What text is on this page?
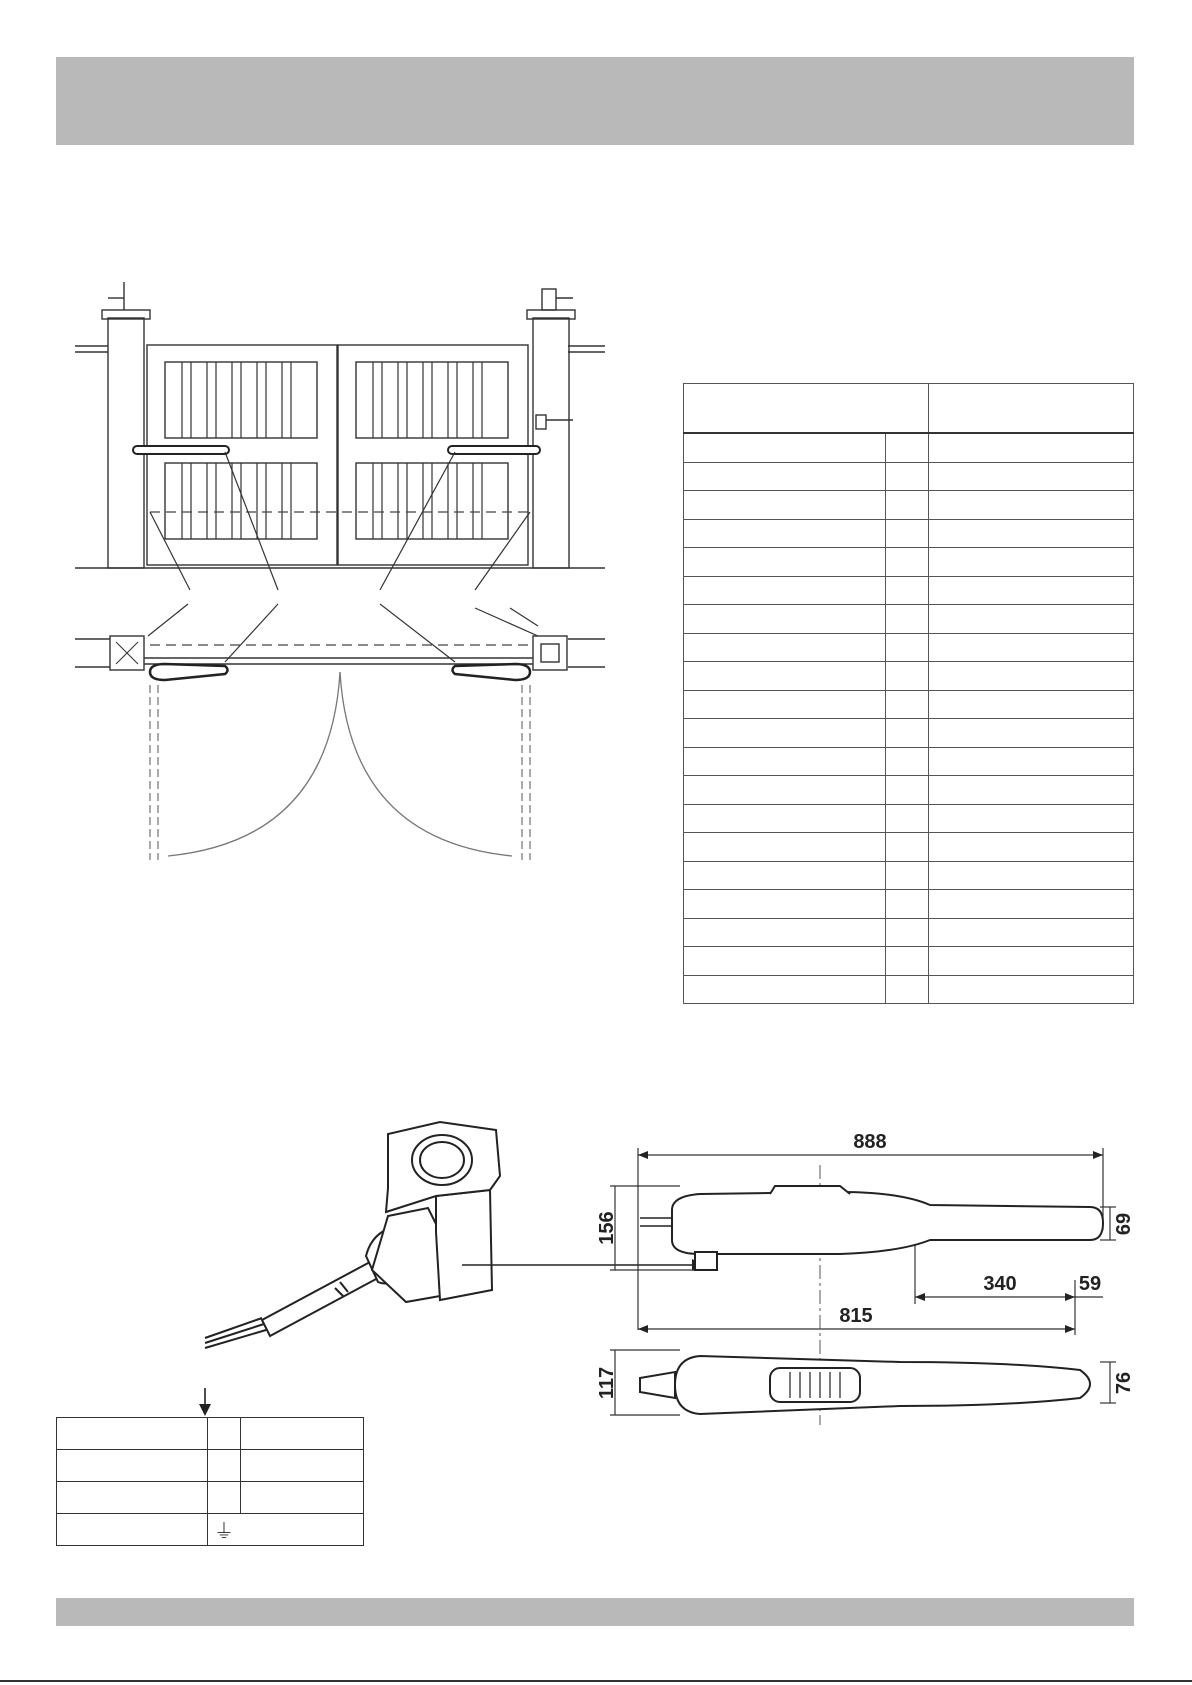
888
815
340	59
156	69
117	76

	⏚	
